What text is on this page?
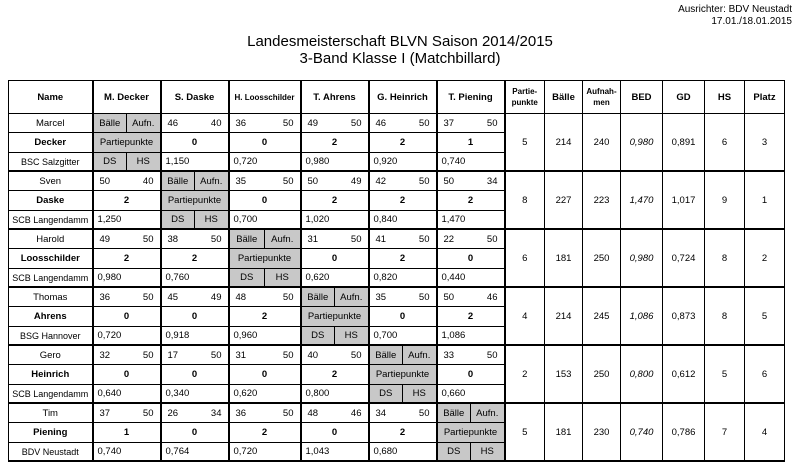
Ausrichter: BDV Neustadt
17.01./18.01.2015
Landesmeisterschaft BLVN Saison 2014/2015
3-Band Klasse I (Matchbillard)
Name	M. Decker	S. Daske	H. Loosschilder	T. Ahrens	G. Heinrich	T. Piening	Partie-punkte	Bälle	Aufnah-men	BED	GD	HS	Platz
Marcel	Bälle Aufn.	46 40	36 50	49 50	46 50	37 50	5	214	240	0,980	0,891	6	3
Decker	Partiepunkte	0	0	2	2	1							
BSC Salzgitter	DS HS	1,150	0,720	0,980	0,920	0,740							
Sven	50 40	Bälle Aufn.	35 50	50 49	42 50	50 34	8	227	223	1,470	1,017	9	1
Daske	2	Partiepunkte	0	2	2	2							
SCB Langendamm	1,250	DS HS	0,700	1,020	0,840	1,470							
Harold	49 50	38 50	Bälle Aufn.	31 50	41 50	22 50	6	181	250	0,980	0,724	8	2
Loosschilder	2	2	Partiepunkte	0	2	0							
SCB Langendamm	0,980	0,760	DS HS	0,620	0,820	0,440							
Thomas	36 50	45 49	48 50	Bälle Aufn.	35 50	50 46	4	214	245	1,086	0,873	8	5
Ahrens	0	0	2	Partiepunkte	0	2							
BSG Hannover	0,720	0,918	0,960	DS HS	0,700	1,086							
Gero	32 50	17 50	31 50	40 50	Bälle Aufn.	33 50	2	153	250	0,800	0,612	5	6
Heinrich	0	0	0	2	Partiepunkte	0							
SCB Langendamm	0,640	0,340	0,620	0,800	DS HS	0,660							
Tim	37 50	26 34	36 50	48 46	34 50	Bälle Aufn.	5	181	230	0,740	0,786	7	4
Piening	1	0	2	0	2	Partiepunkte							
BDV Neustadt	0,740	0,764	0,720	1,043	0,680	DS HS							
